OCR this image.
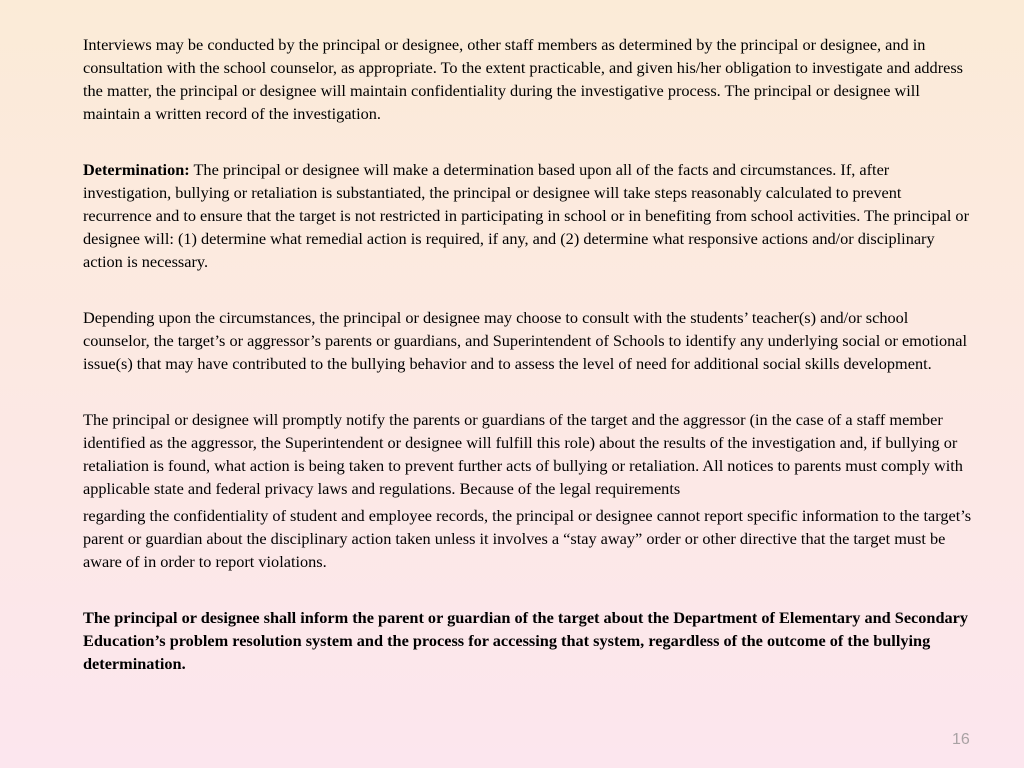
Interviews may be conducted by the principal or designee, other staff members as determined by the principal or designee, and in consultation with the school counselor, as appropriate. To the extent practicable, and given his/her obligation to investigate and address the matter, the principal or designee will maintain confidentiality during the investigative process. The principal or designee will maintain a written record of the investigation.

Determination: The principal or designee will make a determination based upon all of the facts and circumstances. If, after investigation, bullying or retaliation is substantiated, the principal or designee will take steps reasonably calculated to prevent recurrence and to ensure that the target is not restricted in participating in school or in benefiting from school activities. The principal or designee will: (1) determine what remedial action is required, if any, and (2) determine what responsive actions and/or disciplinary action is necessary.

Depending upon the circumstances, the principal or designee may choose to consult with the students’ teacher(s) and/or school counselor, the target’s or aggressor’s parents or guardians, and Superintendent of Schools to identify any underlying social or emotional issue(s) that may have contributed to the bullying behavior and to assess the level of need for additional social skills development.

The principal or designee will promptly notify the parents or guardians of the target and the aggressor (in the case of a staff member identified as the aggressor, the Superintendent or designee will fulfill this role) about the results of the investigation and, if bullying or retaliation is found, what action is being taken to prevent further acts of bullying or retaliation. All notices to parents must comply with applicable state and federal privacy laws and regulations. Because of the legal requirements

regarding the confidentiality of student and employee records, the principal or designee cannot report specific information to the target’s parent or guardian about the disciplinary action taken unless it involves a “stay away” order or other directive that the target must be aware of in order to report violations.

The principal or designee shall inform the parent or guardian of the target about the Department of Elementary and Secondary Education’s problem resolution system and the process for accessing that system, regardless of the outcome of the bullying determination.

16
